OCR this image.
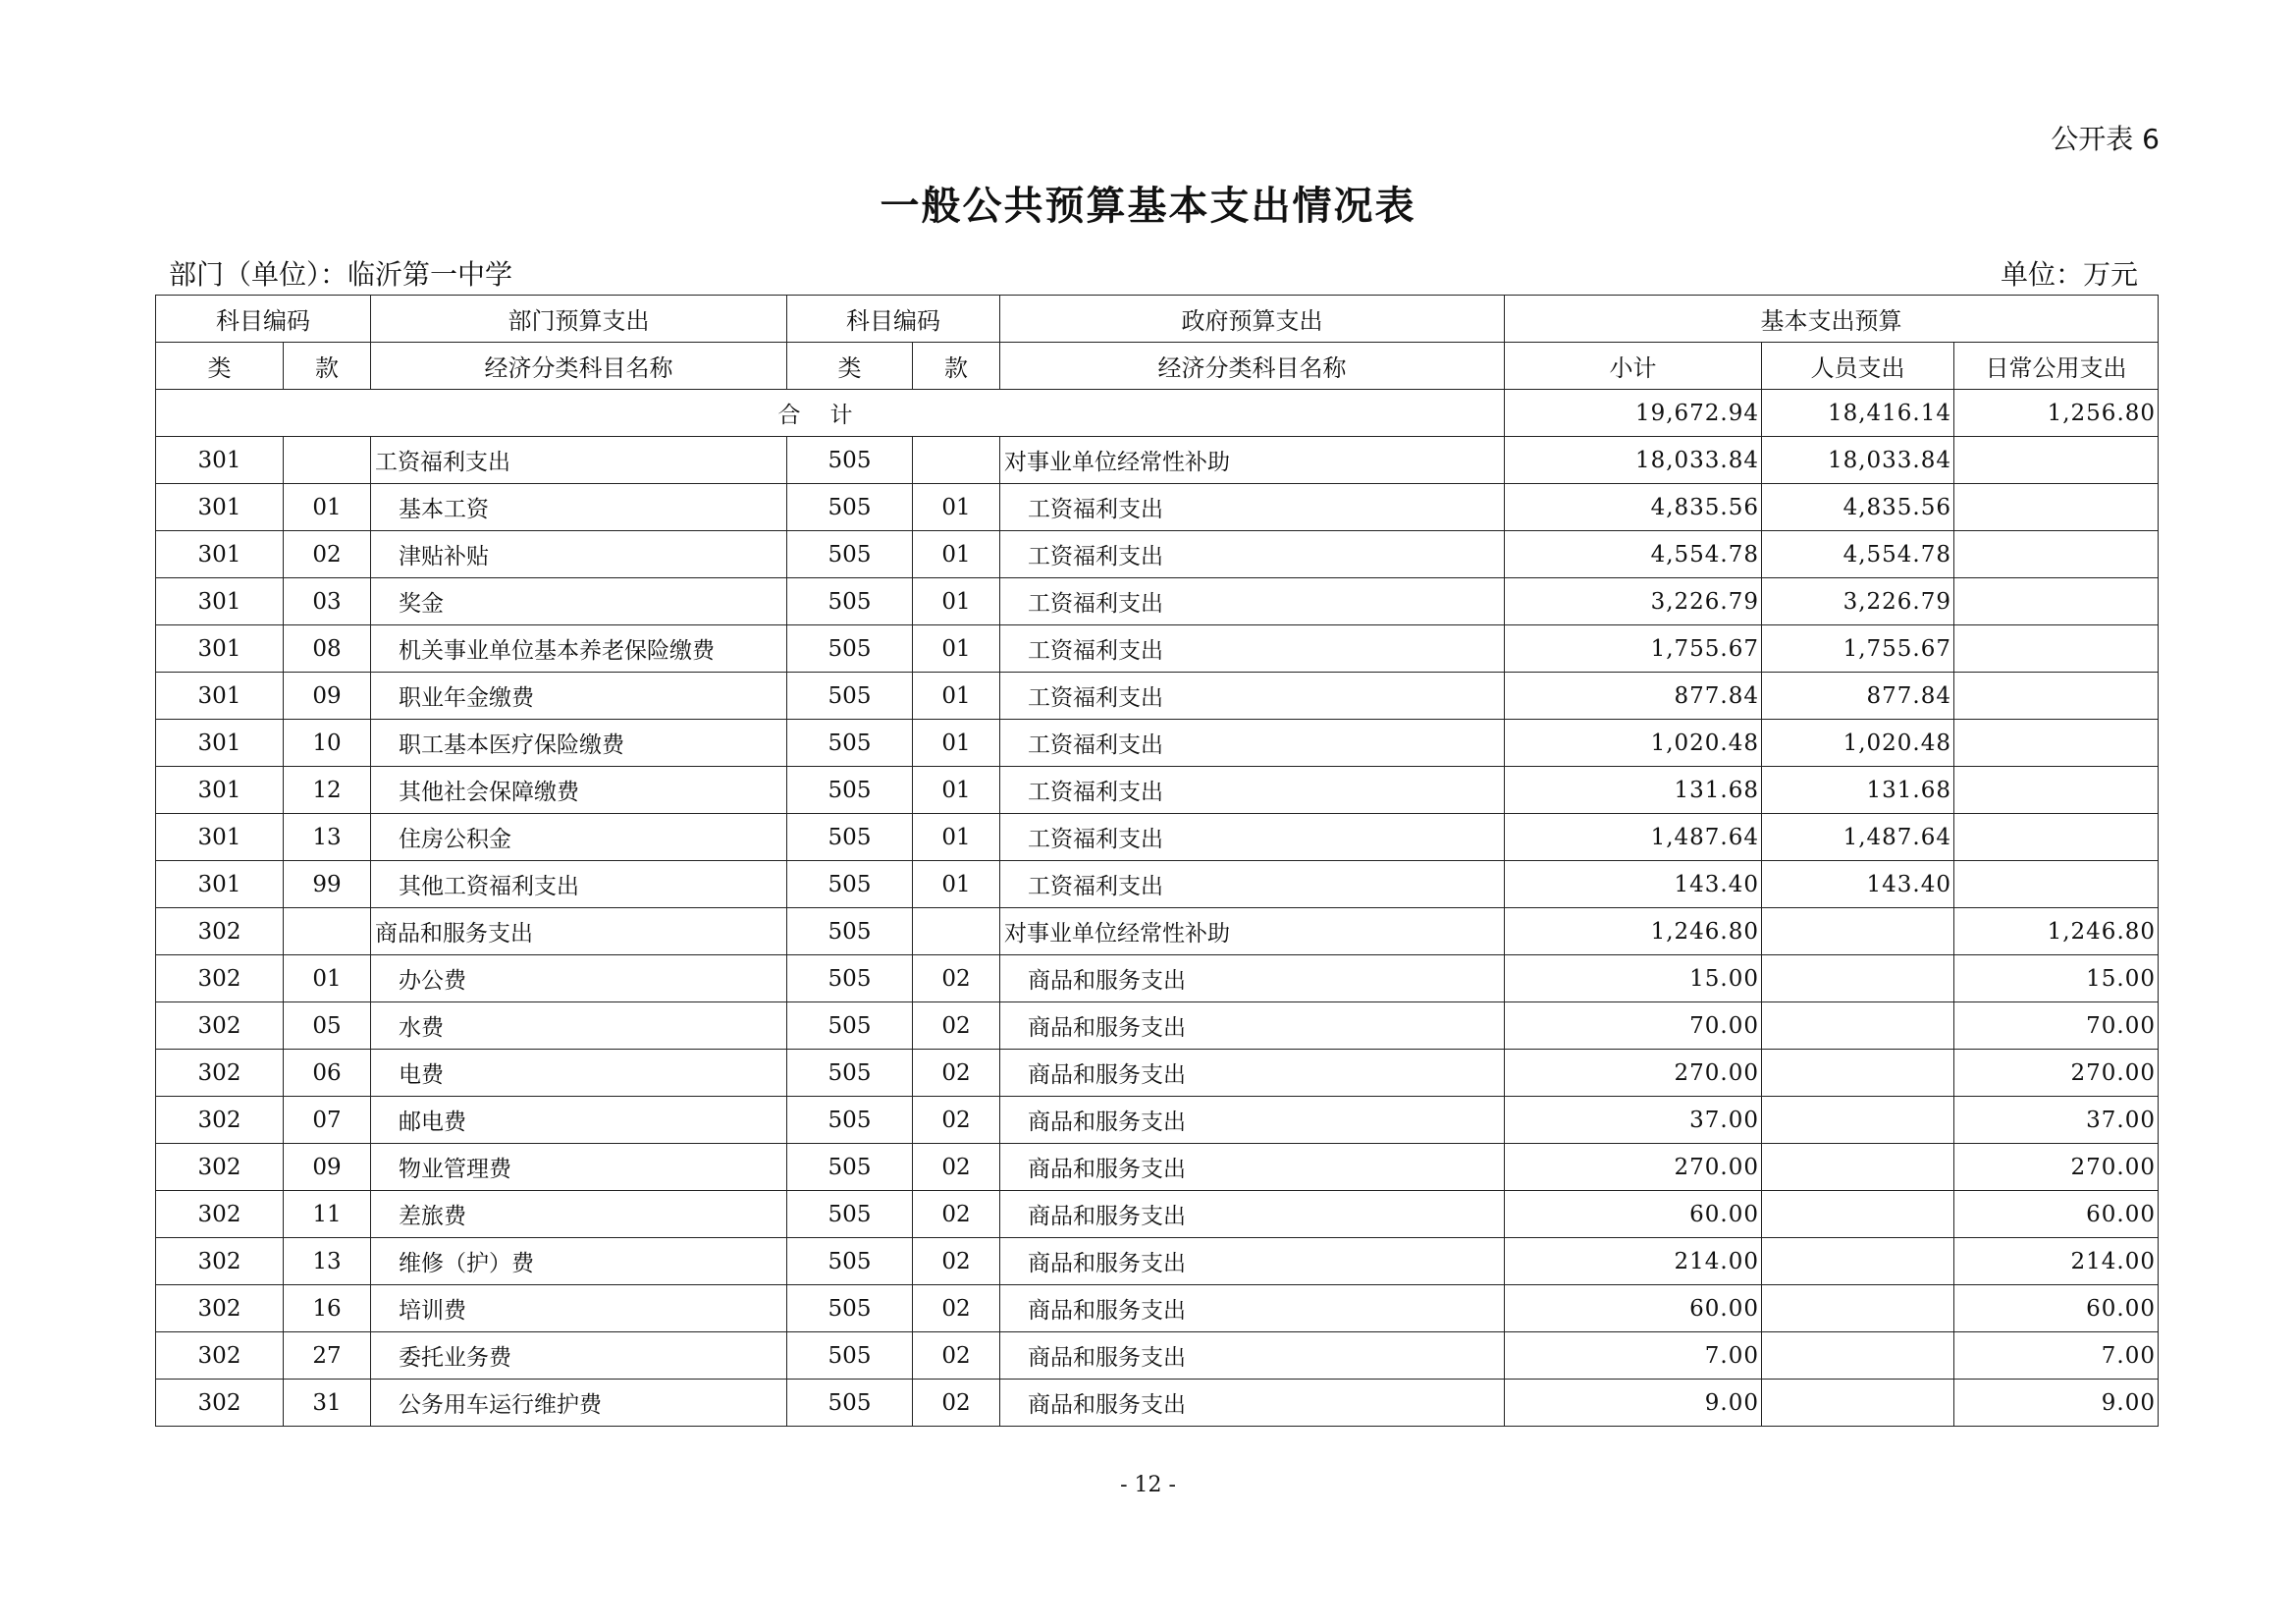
公开表 6
一般公共预算基本支出情况表
部门（单位）：临沂第一中学	单位：万元
科目编码		部门预算支出	科目编码		政府预算支出	基本支出预算		
类	款	经济分类科目名称	类	款	经济分类科目名称	小计	人员支出	日常公用支出
合计						19,672.94	18,416.14	1,256.80
301		工资福利支出	505		对事业单位经常性补助	18,033.84	18,033.84	
301	01	基本工资	505	01	工资福利支出	4,835.56	4,835.56	
301	02	津贴补贴	505	01	工资福利支出	4,554.78	4,554.78	
301	03	奖金	505	01	工资福利支出	3,226.79	3,226.79	
301	08	机关事业单位基本养老保险缴费	505	01	工资福利支出	1,755.67	1,755.67	
301	09	职业年金缴费	505	01	工资福利支出	877.84	877.84	
301	10	职工基本医疗保险缴费	505	01	工资福利支出	1,020.48	1,020.48	
301	12	其他社会保障缴费	505	01	工资福利支出	131.68	131.68	
301	13	住房公积金	505	01	工资福利支出	1,487.64	1,487.64	
301	99	其他工资福利支出	505	01	工资福利支出	143.40	143.40	
302		商品和服务支出	505		对事业单位经常性补助	1,246.80		1,246.80
302	01	办公费	505	02	商品和服务支出	15.00		15.00
302	05	水费	505	02	商品和服务支出	70.00		70.00
302	06	电费	505	02	商品和服务支出	270.00		270.00
302	07	邮电费	505	02	商品和服务支出	37.00		37.00
302	09	物业管理费	505	02	商品和服务支出	270.00		270.00
302	11	差旅费	505	02	商品和服务支出	60.00		60.00
302	13	维修（护）费	505	02	商品和服务支出	214.00		214.00
302	16	培训费	505	02	商品和服务支出	60.00		60.00
302	27	委托业务费	505	02	商品和服务支出	7.00		7.00
302	31	公务用车运行维护费	505	02	商品和服务支出	9.00		9.00
- 12 -
